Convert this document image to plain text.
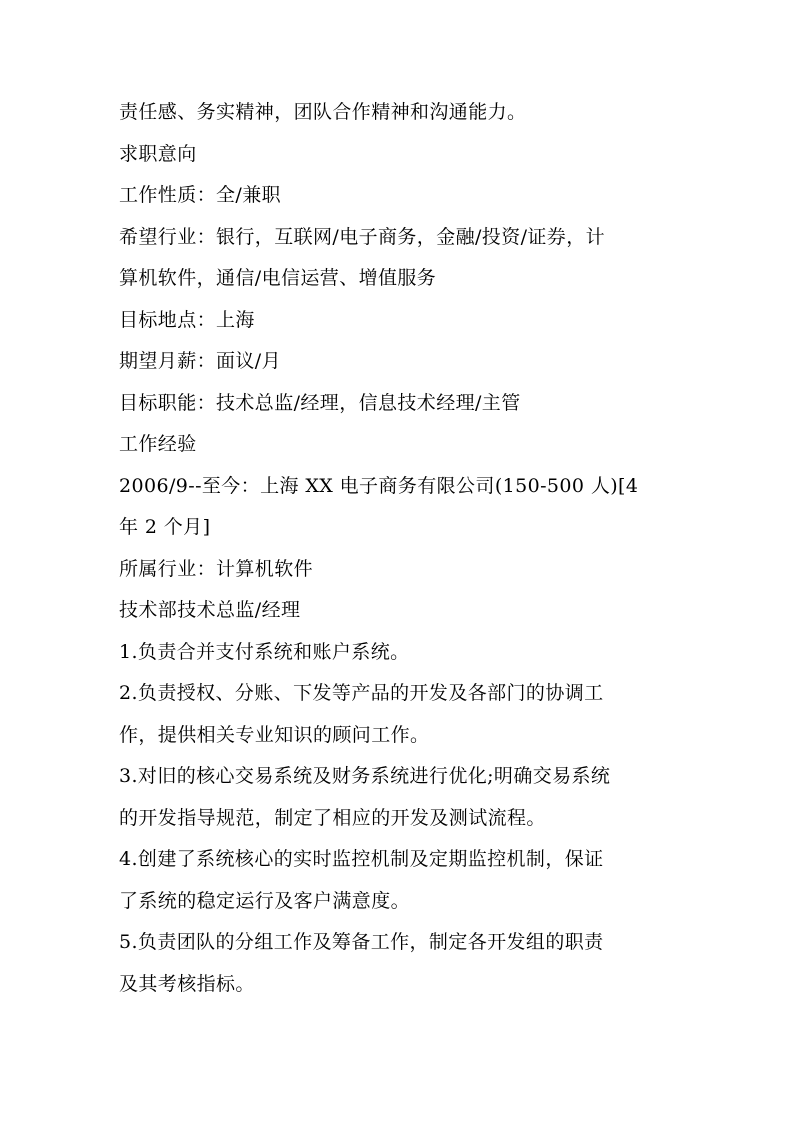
责任感、务实精神，团队合作精神和沟通能力。
求职意向
工作性质：全/兼职
希望行业：银行，互联网/电子商务，金融/投资/证券，计
算机软件，通信/电信运营、增值服务
目标地点：上海
期望月薪：面议/月
目标职能：技术总监/经理，信息技术经理/主管
工作经验
2006/9--至今：上海 XX 电子商务有限公司(150-500 人)[4
年 2 个月]
所属行业：计算机软件
技术部技术总监/经理
1.负责合并支付系统和账户系统。
2.负责授权、分账、下发等产品的开发及各部门的协调工
作，提供相关专业知识的顾问工作。
3.对旧的核心交易系统及财务系统进行优化;明确交易系统
的开发指导规范，制定了相应的开发及测试流程。
4.创建了系统核心的实时监控机制及定期监控机制，保证
了系统的稳定运行及客户满意度。
5.负责团队的分组工作及筹备工作，制定各开发组的职责
及其考核指标。
